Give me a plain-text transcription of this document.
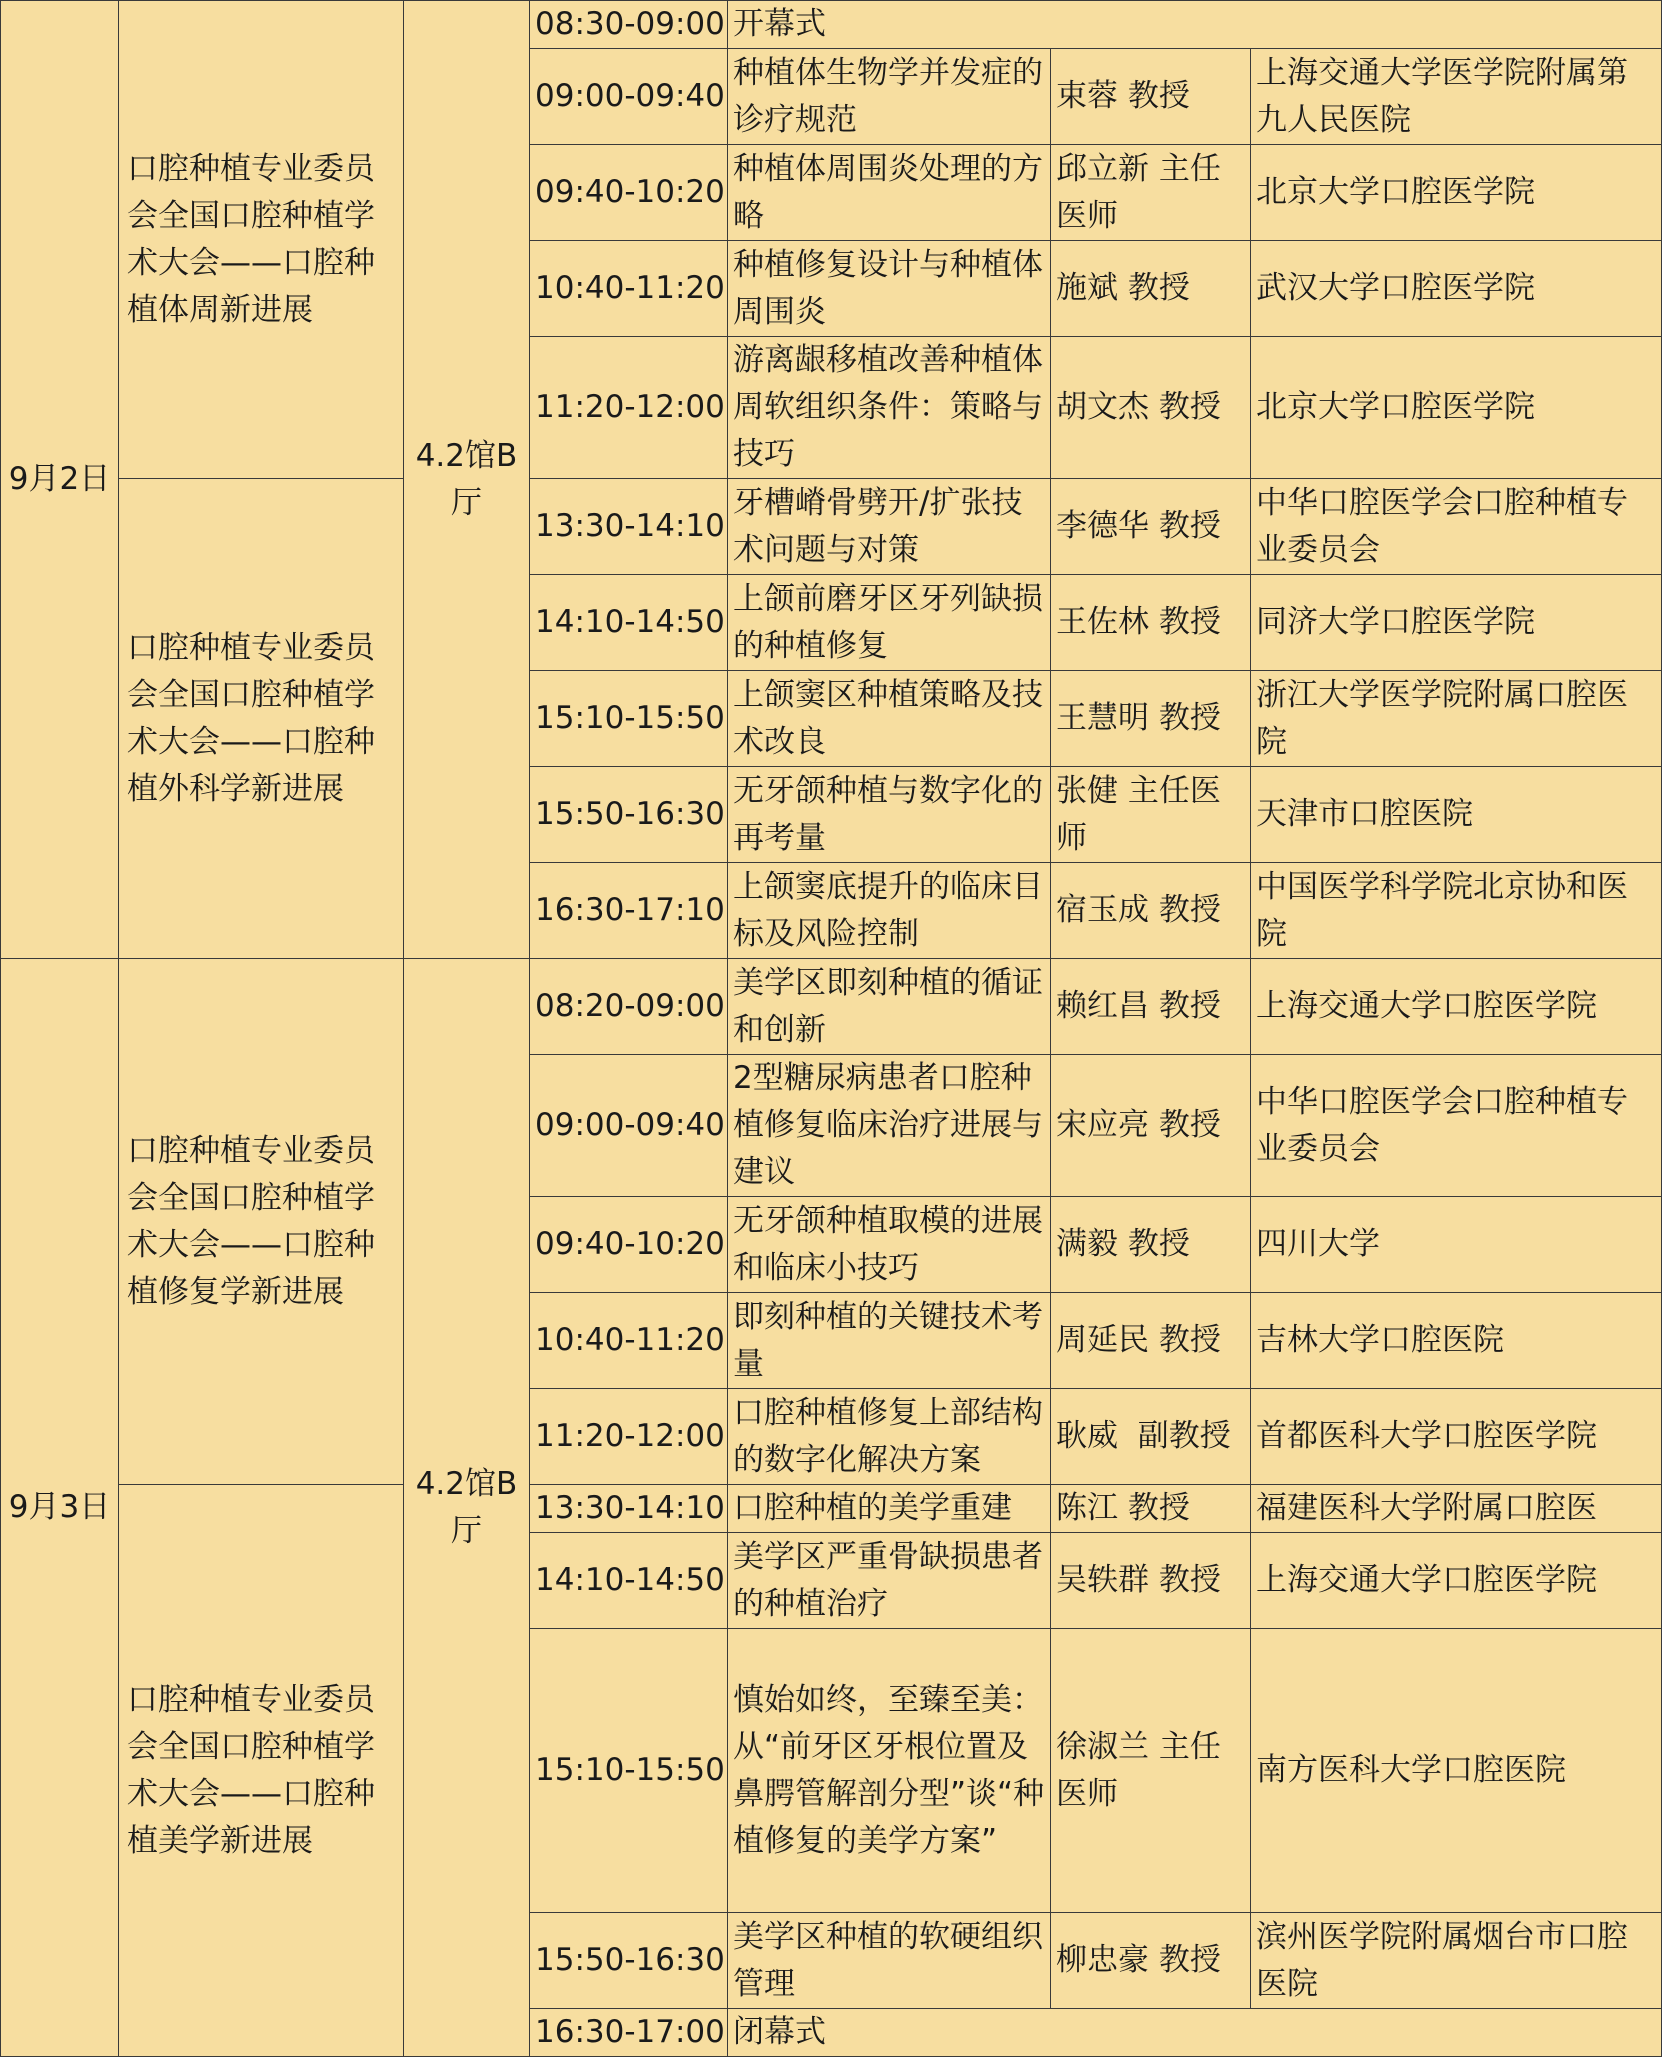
9月2日	口腔种植专业委员会全国口腔种植学术大会——口腔种植体周新进展	4.2馆B厅	08:30-09:00	开幕式		
			09:00-09:40	种植体生物学并发症的诊疗规范	束蓉 教授	上海交通大学医学院附属第九人民医院
			09:40-10:20	种植体周围炎处理的方略	邱立新 主任医师	北京大学口腔医学院
			10:40-11:20	种植修复设计与种植体周围炎	施斌 教授	武汉大学口腔医学院
			11:20-12:00	游离龈移植改善种植体周软组织条件：策略与技巧	胡文杰 教授	北京大学口腔医学院
	口腔种植专业委员会全国口腔种植学术大会——口腔种植外科学新进展		13:30-14:10	牙槽嵴骨劈开/扩张技术问题与对策	李德华 教授	中华口腔医学会口腔种植专业委员会
			14:10-14:50	上颌前磨牙区牙列缺损的种植修复	王佐林 教授	同济大学口腔医学院
			15:10-15:50	上颌窦区种植策略及技术改良	王慧明 教授	浙江大学医学院附属口腔医院
			15:50-16:30	无牙颌种植与数字化的再考量	张健 主任医师	天津市口腔医院
			16:30-17:10	上颌窦底提升的临床目标及风险控制	宿玉成 教授	中国医学科学院北京协和医院
9月3日	口腔种植专业委员会全国口腔种植学术大会——口腔种植修复学新进展	4.2馆B厅	08:20-09:00	美学区即刻种植的循证和创新	赖红昌 教授	上海交通大学口腔医学院
			09:00-09:40	2型糖尿病患者口腔种植修复临床治疗进展与建议	宋应亮 教授	中华口腔医学会口腔种植专业委员会
			09:40-10:20	无牙颌种植取模的进展和临床小技巧	满毅 教授	四川大学
			10:40-11:20	即刻种植的关键技术考量	周延民 教授	吉林大学口腔医院
			11:20-12:00	口腔种植修复上部结构的数字化解决方案	耿威  副教授	首都医科大学口腔医学院
	口腔种植专业委员会全国口腔种植学术大会——口腔种植美学新进展		13:30-14:10	口腔种植的美学重建	陈江 教授	福建医科大学附属口腔医
			14:10-14:50	美学区严重骨缺损患者的种植治疗	吴轶群 教授	上海交通大学口腔医学院
			15:10-15:50	慎始如终，至臻至美：从“前牙区牙根位置及鼻腭管解剖分型”谈“种植修复的美学方案”	徐淑兰 主任医师	南方医科大学口腔医院
			15:50-16:30	美学区种植的软硬组织管理	柳忠豪 教授	滨州医学院附属烟台市口腔医院
			16:30-17:00	闭幕式		
